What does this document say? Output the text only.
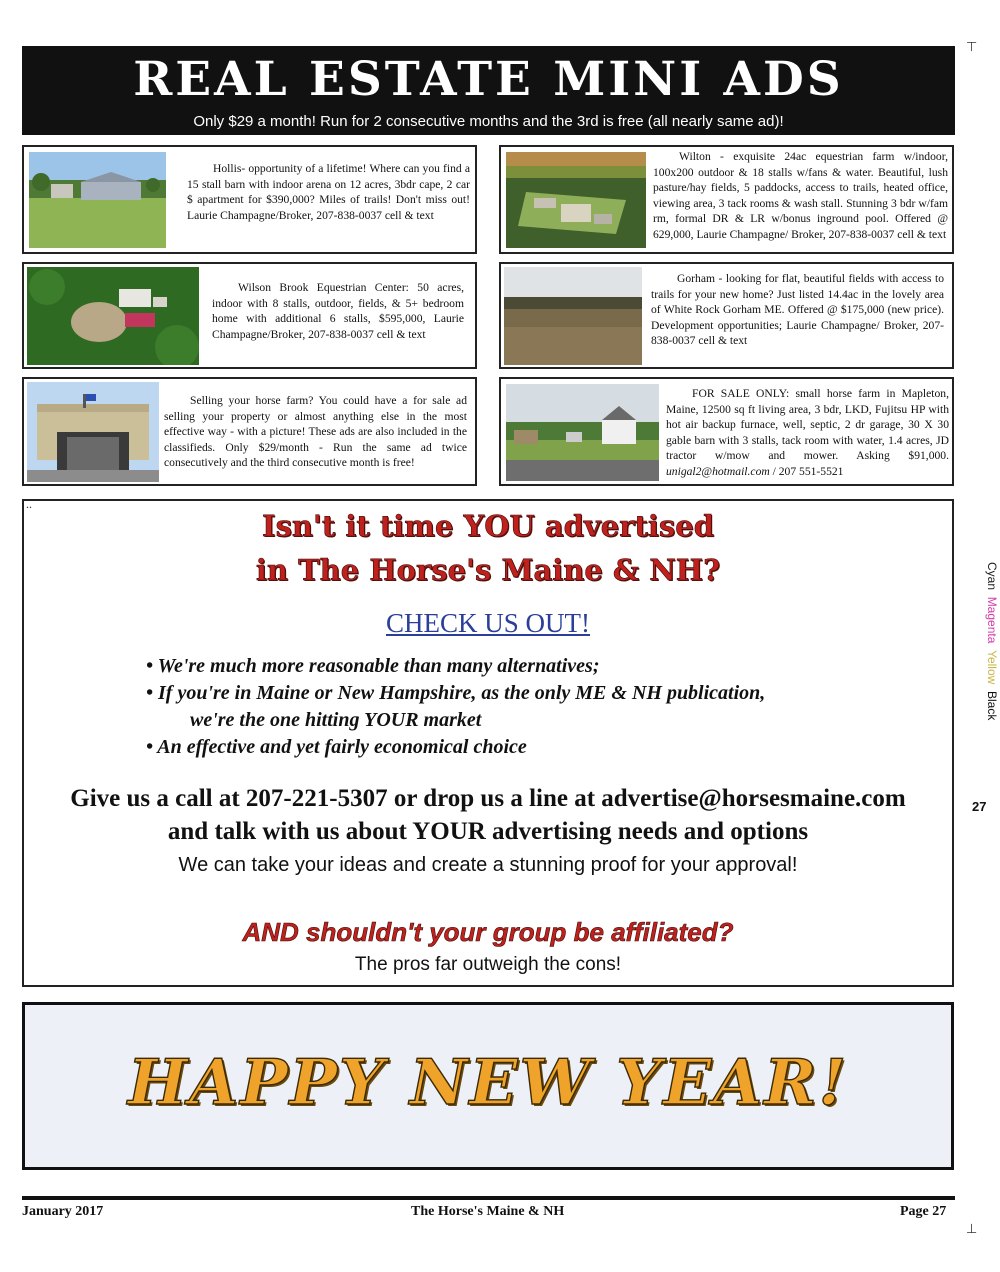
⊤
⊥
REAL ESTATE MINI ADS
Only $29 a month! Run for 2 consecutive months and the 3rd is free (all nearly same ad)!
Hollis- opportunity of a lifetime! Where can you find a 15 stall barn with indoor arena on 12 acres, 3bdr cape, 2 car $ apartment for $390,000? Miles of trails! Don't miss out! Laurie Champagne/Broker, 207-838-0037 cell & text
Wilton - exquisite 24ac equestrian farm w/indoor, 100x200 outdoor & 18 stalls w/fans & water. Beautiful, lush pasture/hay fields, 5 paddocks, access to trails, heated office, viewing area, 3 tack rooms & wash stall. Stunning 3 bdr w/fam rm, formal DR & LR w/bonus inground pool. Offered @ 629,000, Laurie Champagne/ Broker, 207-838-0037 cell & text
Wilson Brook Equestrian Center: 50 acres, indoor with 8 stalls, outdoor, fields, & 5+ bedroom home with additional 6 stalls, $595,000, Laurie Champagne/Broker, 207-838-0037 cell & text
Gorham - looking for flat, beautiful fields with access to trails for your new home? Just listed 14.4ac in the lovely area of White Rock Gorham ME. Offered @ $175,000 (new price). Development opportunities; Laurie Champagne/ Broker, 207-838-0037 cell & text
Selling your horse farm? You could have a for sale ad selling your property or almost anything else in the most effective way - with a picture! These ads are also included in the classifieds. Only $29/month - Run the same ad twice consecutively and the third consecutive month is free!
FOR SALE ONLY: small horse farm in Mapleton, Maine, 12500 sq ft living area, 3 bdr, LKD, Fujitsu HP with hot air backup furnace, well, septic, 2 dr garage, 30 X 30 gable barn with 3 stalls, tack room with water, 1.4 acres, JD tractor w/mow and mower. Asking $91,000. unigal2@hotmail.com / 207 551-5521
..
Isn't it time YOU advertised
in The Horse's Maine & NH?
CHECK US OUT!
• We're much more reasonable than many alternatives;
• If you're in Maine or New Hampshire, as the only ME & NH publication,
we're the one hitting YOUR market
• An effective and yet fairly economical choice
Give us a call at 207-221-5307 or drop us a line at advertise@horsesmaine.com
and talk with us about YOUR advertising needs and options
We can take your ideas and create a stunning proof for your approval!
AND shouldn't your group be affiliated?
The pros far outweigh the cons!
HAPPY NEW YEAR!
Cyan  Magenta  Yellow  Black
27
January 2017	The Horse's Maine & NH	Page 27
